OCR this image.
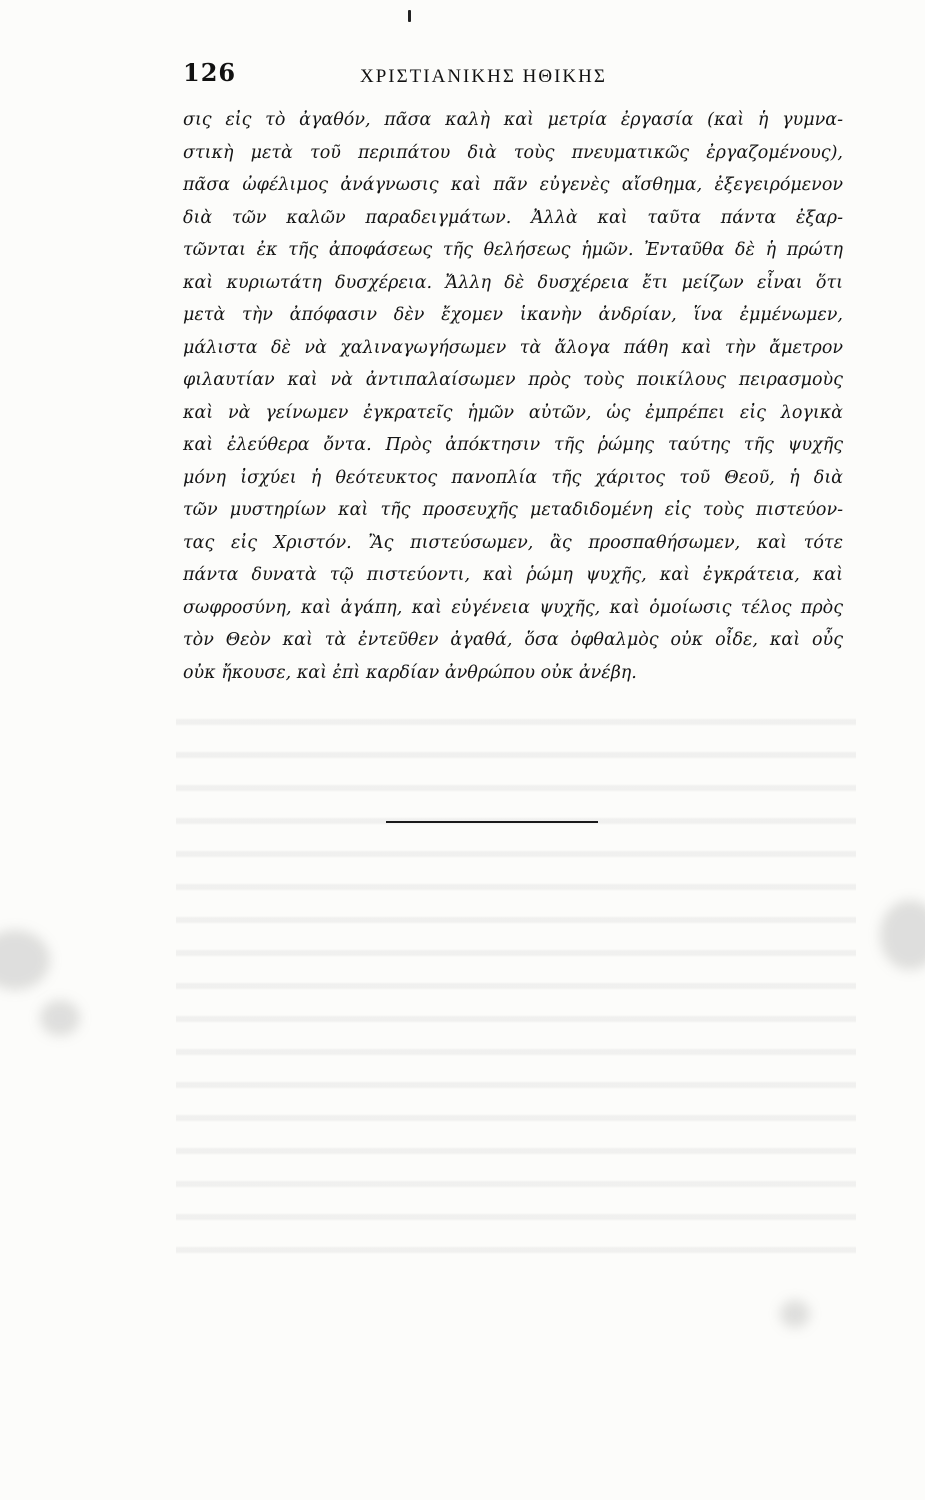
126	ΧΡΙΣΤΙΑΝΙΚΗΣ ΗΘΙΚΗΣ
σις εἰς τὸ ἀγαθόν, πᾶσα καλὴ καὶ μετρία ἐργασία (καὶ ἡ γυμνα-
στικὴ μετὰ τοῦ περιπάτου διὰ τοὺς πνευματικῶς ἐργαζομένους),
πᾶσα ὠφέλιμος ἀνάγνωσις καὶ πᾶν εὐγενὲς αἴσθημα, ἐξεγειρόμενον
διὰ τῶν καλῶν παραδειγμάτων. Ἀλλὰ καὶ ταῦτα πάντα ἐξαρ-
τῶνται ἐκ τῆς ἀποφάσεως τῆς θελήσεως ἡμῶν. Ἐνταῦθα δὲ ἡ πρώτη
καὶ κυριωτάτη δυσχέρεια. Ἄλλη δὲ δυσχέρεια ἔτι μείζων εἶναι ὅτι
μετὰ τὴν ἀπόφασιν δὲν ἔχομεν ἱκανὴν ἀνδρίαν, ἵνα ἐμμένωμεν,
μάλιστα δὲ νὰ χαλιναγωγήσωμεν τὰ ἄλογα πάθη καὶ τὴν ἄμετρον
φιλαυτίαν καὶ νὰ ἀντιπαλαίσωμεν πρὸς τοὺς ποικίλους πειρασμοὺς
καὶ νὰ γείνωμεν ἐγκρατεῖς ἡμῶν αὐτῶν, ὡς ἐμπρέπει εἰς λογικὰ
καὶ ἐλεύθερα ὄντα. Πρὸς ἀπόκτησιν τῆς ῥώμης ταύτης τῆς ψυχῆς
μόνη ἰσχύει ἡ θεότευκτος πανοπλία τῆς χάριτος τοῦ Θεοῦ, ἡ διὰ
τῶν μυστηρίων καὶ τῆς προσευχῆς μεταδιδομένη εἰς τοὺς πιστεύον-
τας εἰς Χριστόν. Ἂς πιστεύσωμεν, ἂς προσπαθήσωμεν, καὶ τότε
πάντα δυνατὰ τῷ πιστεύοντι, καὶ ῥώμη ψυχῆς, καὶ ἐγκράτεια, καὶ
σωφροσύνη, καὶ ἀγάπη, καὶ εὐγένεια ψυχῆς, καὶ ὁμοίωσις τέλος πρὸς
τὸν Θεὸν καὶ τὰ ἐντεῦθεν ἀγαθά, ὅσα ὀφθαλμὸς οὐκ οἶδε, καὶ οὖς
οὐκ ἤκουσε, καὶ ἐπὶ καρδίαν ἀνθρώπου οὐκ ἀνέβη.
